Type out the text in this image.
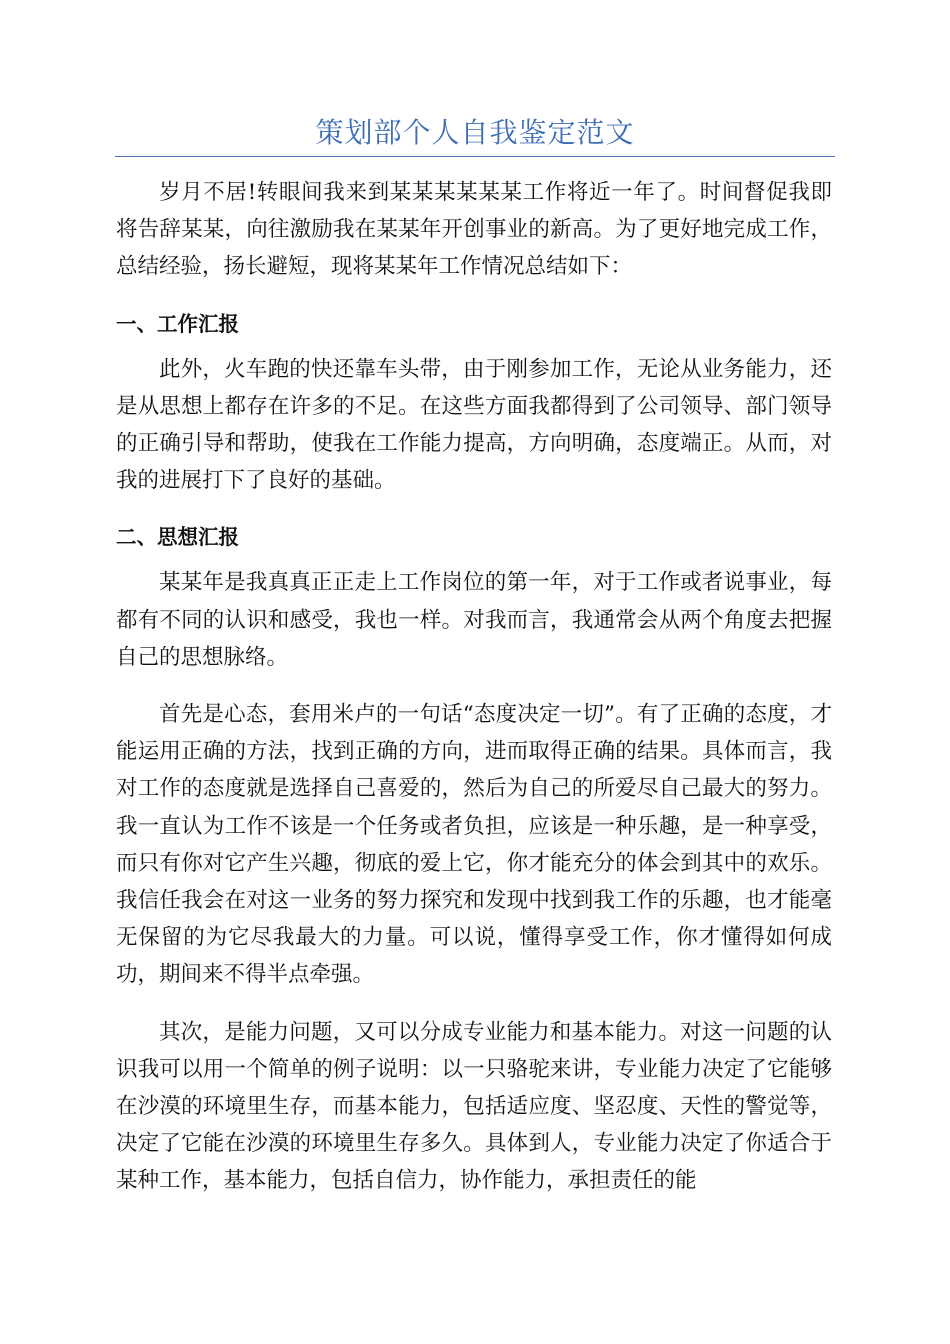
策划部个人自我鉴定范文

岁月不居!转眼间我来到某某某某某某工作将近一年了。时间督促我即将告辞某某，向往激励我在某某年开创事业的新高。为了更好地完成工作，总结经验，扬长避短，现将某某年工作情况总结如下：

一、工作汇报

此外，火车跑的快还靠车头带，由于刚参加工作，无论从业务能力，还是从思想上都存在许多的不足。在这些方面我都得到了公司领导、部门领导的正确引导和帮助，使我在工作能力提高，方向明确，态度端正。从而，对我的进展打下了良好的基础。

二、思想汇报

某某年是我真真正正走上工作岗位的第一年，对于工作或者说事业，每都有不同的认识和感受，我也一样。对我而言，我通常会从两个角度去把握自己的思想脉络。

首先是心态，套用米卢的一句话“态度决定一切”。有了正确的态度，才能运用正确的方法，找到正确的方向，进而取得正确的结果。具体而言，我对工作的态度就是选择自己喜爱的，然后为自己的所爱尽自己最大的努力。我一直认为工作不该是一个任务或者负担，应该是一种乐趣，是一种享受，而只有你对它产生兴趣，彻底的爱上它，你才能充分的体会到其中的欢乐。我信任我会在对这一业务的努力探究和发现中找到我工作的乐趣，也才能毫无保留的为它尽我最大的力量。可以说，懂得享受工作，你才懂得如何成功，期间来不得半点牵强。

其次，是能力问题，又可以分成专业能力和基本能力。对这一问题的认识我可以用一个简单的例子说明：以一只骆驼来讲，专业能力决定了它能够在沙漠的环境里生存，而基本能力，包括适应度、坚忍度、天性的警觉等，决定了它能在沙漠的环境里生存多久。具体到人，专业能力决定了你适合于某种工作，基本能力，包括自信力，协作能力，承担责任的能
